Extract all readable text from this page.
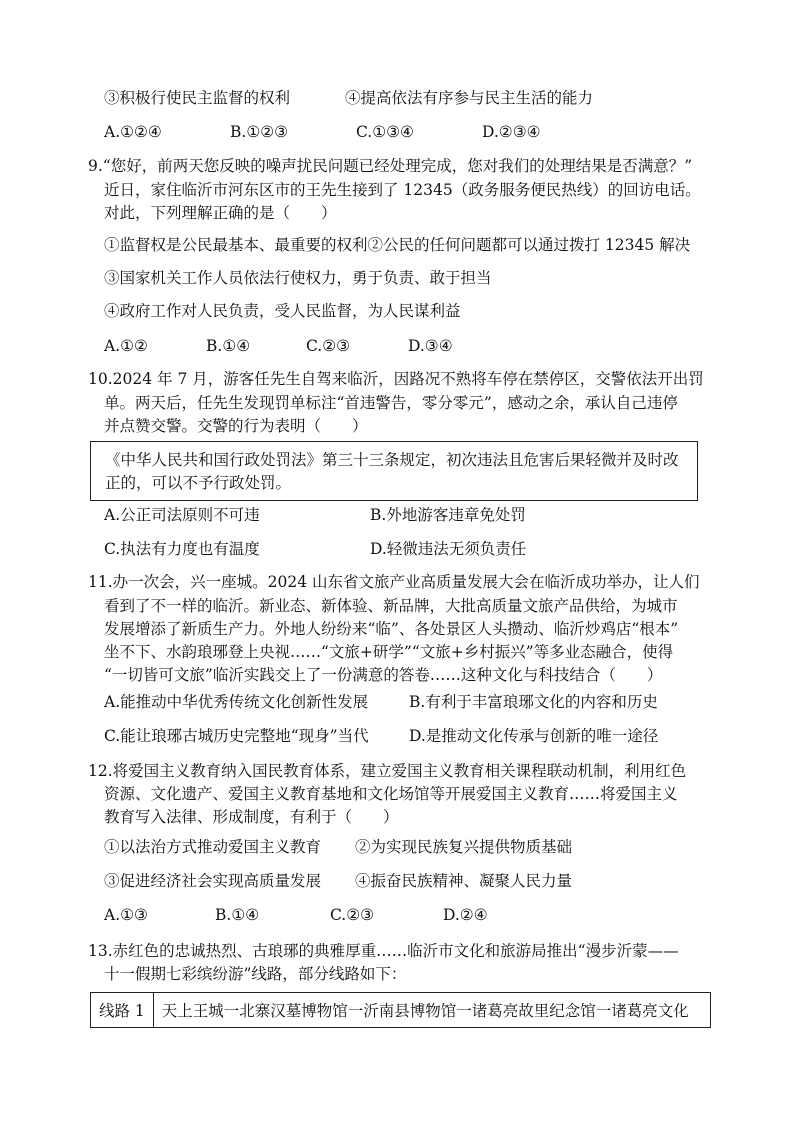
③积极行使民主监督的权利	④提高依法有序参与民主生活的能力
A.①②④	B.①②③	C.①③④	D.②③④
9.“您好，前两天您反映的噪声扰民问题已经处理完成，您对我们的处理结果是否满意？”
近日，家住临沂市河东区市的王先生接到了 12345（政务服务便民热线）的回访电话。
对此，下列理解正确的是（　　）
①监督权是公民最基本、最重要的权利②公民的任何问题都可以通过拨打 12345 解决
③国家机关工作人员依法行使权力，勇于负责、敢于担当
④政府工作对人民负责，受人民监督，为人民谋利益
A.①②	B.①④	C.②③	D.③④
10.2024 年 7 月，游客任先生自驾来临沂，因路况不熟将车停在禁停区，交警依法开出罚
单。两天后，任先生发现罚单标注“首违警告，零分零元”，感动之余，承认自己违停
并点赞交警。交警的行为表明（　　）
《中华人民共和国行政处罚法》第三十三条规定，初次违法且危害后果轻微并及时改
正的，可以不予行政处罚。
A.公正司法原则不可违	B.外地游客违章免处罚
C.执法有力度也有温度	D.轻微违法无须负责任
11.办一次会，兴一座城。2024 山东省文旅产业高质量发展大会在临沂成功举办，让人们
看到了不一样的临沂。新业态、新体验、新品牌，大批高质量文旅产品供给，为城市
发展增添了新质生产力。外地人纷纷来“临”、各处景区人头攒动、临沂炒鸡店“根本”
坐不下、水韵琅琊登上央视……“文旅+研学”“文旅+乡村振兴”等多业态融合，使得
“一切皆可文旅”临沂实践交上了一份满意的答卷……这种文化与科技结合（　　）
A.能推动中华优秀传统文化创新性发展	B.有利于丰富琅琊文化的内容和历史
C.能让琅琊古城历史完整地“现身”当代	D.是推动文化传承与创新的唯一途径
12.将爱国主义教育纳入国民教育体系，建立爱国主义教育相关课程联动机制，利用红色
资源、文化遗产、爱国主义教育基地和文化场馆等开展爱国主义教育……将爱国主义
教育写入法律、形成制度，有利于（　　）
①以法治方式推动爱国主义教育 ②为实现民族复兴提供物质基础
③促进经济社会实现高质量发展 ④振奋民族精神、凝聚人民力量
A.①③	B.①④	C.②③	D.②④
13.赤红色的忠诚热烈、古琅琊的典雅厚重……临沂市文化和旅游局推出“漫步沂蒙——
十一假期七彩缤纷游”线路，部分线路如下：
线路 1	天上王城一北寨汉墓博物馆一沂南县博物馆一诸葛亮故里纪念馆一诸葛亮文化
